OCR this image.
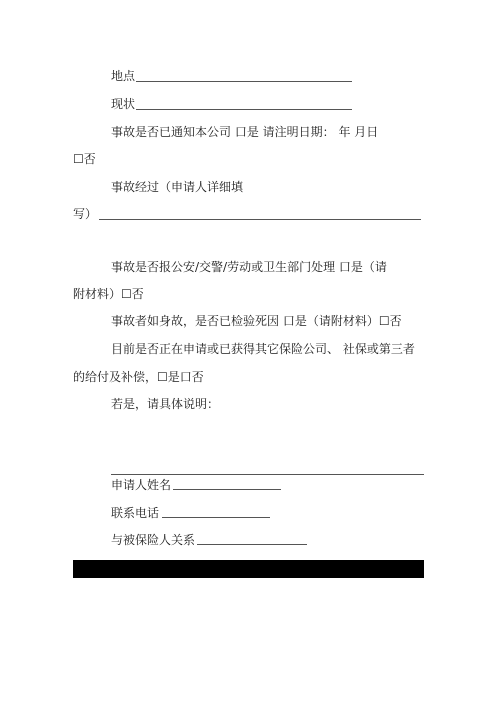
地点
现状
事故是否已通知本公司 口是 请注明日期： 年 月日
☐否
事故经过（申请人详细填
写）
事故是否报公安/交警/劳动或卫生部门处理 口是（请
附材料）☐否
事故者如身故，是否已检验死因 口是（请附材料）☐否
目前是否正在申请或已获得其它保险公司、 社保或第三者
的给付及补偿，☐是口否
若是，请具体说明：
申请人姓名
联系电话
与被保险人关系
